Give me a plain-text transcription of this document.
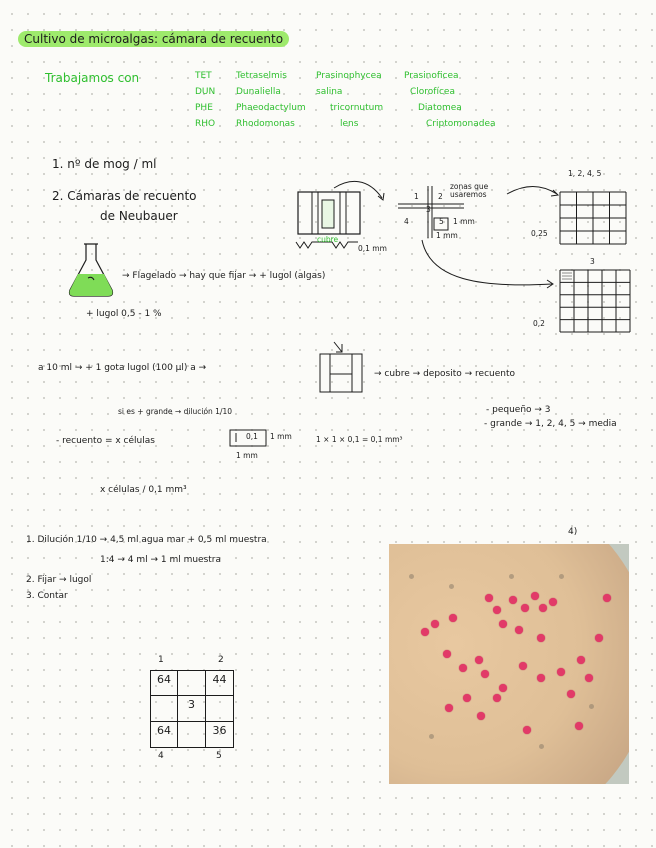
Cultivo de microalgas: cámara de recuento
Trabajamos con	TET	Tetraselmis	Prasinophycea Prasinoficea
DUN Dunaliella	salina	Clorofícea
PHE	Phaeodactylum	tricornutum	Diatomea
RHO Rhodomonas	lens	Criptomonadea
1. nº de mog / ml
2. Cámaras de recuento
de Neubauer
cubre
0,1 mm
1	2
3
4	5
zonas que usaremos
1 mm
1 mm
1, 2, 4, 5
0,25
3
0,2
→ Flagelado → hay que fijar → + lugol (algas)
+ lugol 0,5 - 1 %
a 10 ml → + 1 gota lugol (100 µl) a →
→ cubre → deposito → recuento
- pequeño → 3
- grande → 1, 2, 4, 5 → media
si es + grande → dilución 1/10
- recuento = x células	0,1 1 mm
1 mm
1 × 1 × 0,1 = 0,1 mm³
x células / 0,1 mm³
1. Dilución 1/10 → 4,5 ml agua mar + 0,5 ml muestra
1:4 → 4 ml → 1 ml muestra
2. Fijar → lugol
3. Contar
1	2
4	5
64	44
3
64	36
4)
